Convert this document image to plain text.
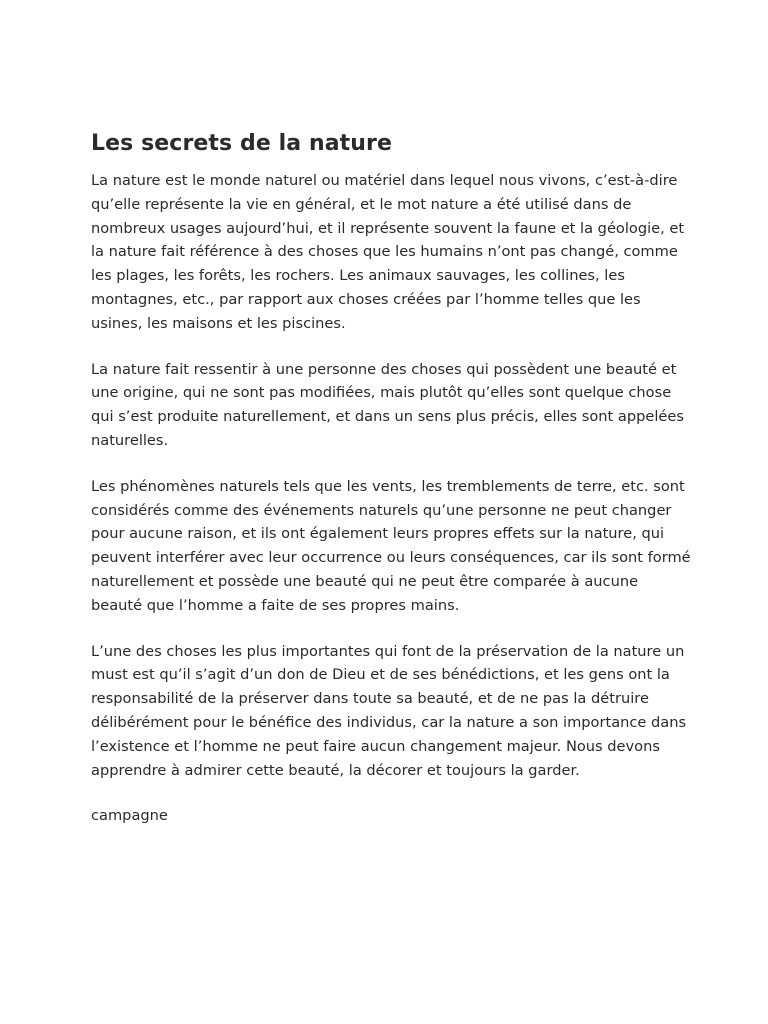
Les secrets de la nature

La nature est le monde naturel ou matériel dans lequel nous vivons, c’est-à-dire qu’elle représente la vie en général, et le mot nature a été utilisé dans de nombreux usages aujourd’hui, et il représente souvent la faune et la géologie, et la nature fait référence à des choses que les humains n’ont pas changé, comme les plages, les forêts, les rochers. Les animaux sauvages, les collines, les montagnes, etc., par rapport aux choses créées par l’homme telles que les usines, les maisons et les piscines.

La nature fait ressentir à une personne des choses qui possèdent une beauté et une origine, qui ne sont pas modifiées, mais plutôt qu’elles sont quelque chose qui s’est produite naturellement, et dans un sens plus précis, elles sont appelées naturelles.

Les phénomènes naturels tels que les vents, les tremblements de terre, etc. sont considérés comme des événements naturels qu’une personne ne peut changer pour aucune raison, et ils ont également leurs propres effets sur la nature, qui peuvent interférer avec leur occurrence ou leurs conséquences, car ils sont formé naturellement et possède une beauté qui ne peut être comparée à aucune beauté que l’homme a faite de ses propres mains.

L’une des choses les plus importantes qui font de la préservation de la nature un must est qu’il s’agit d’un don de Dieu et de ses bénédictions, et les gens ont la responsabilité de la préserver dans toute sa beauté, et de ne pas la détruire délibérément pour le bénéfice des individus, car la nature a son importance dans l’existence et l’homme ne peut faire aucun changement majeur. Nous devons apprendre à admirer cette beauté, la décorer et toujours la garder.

campagne
